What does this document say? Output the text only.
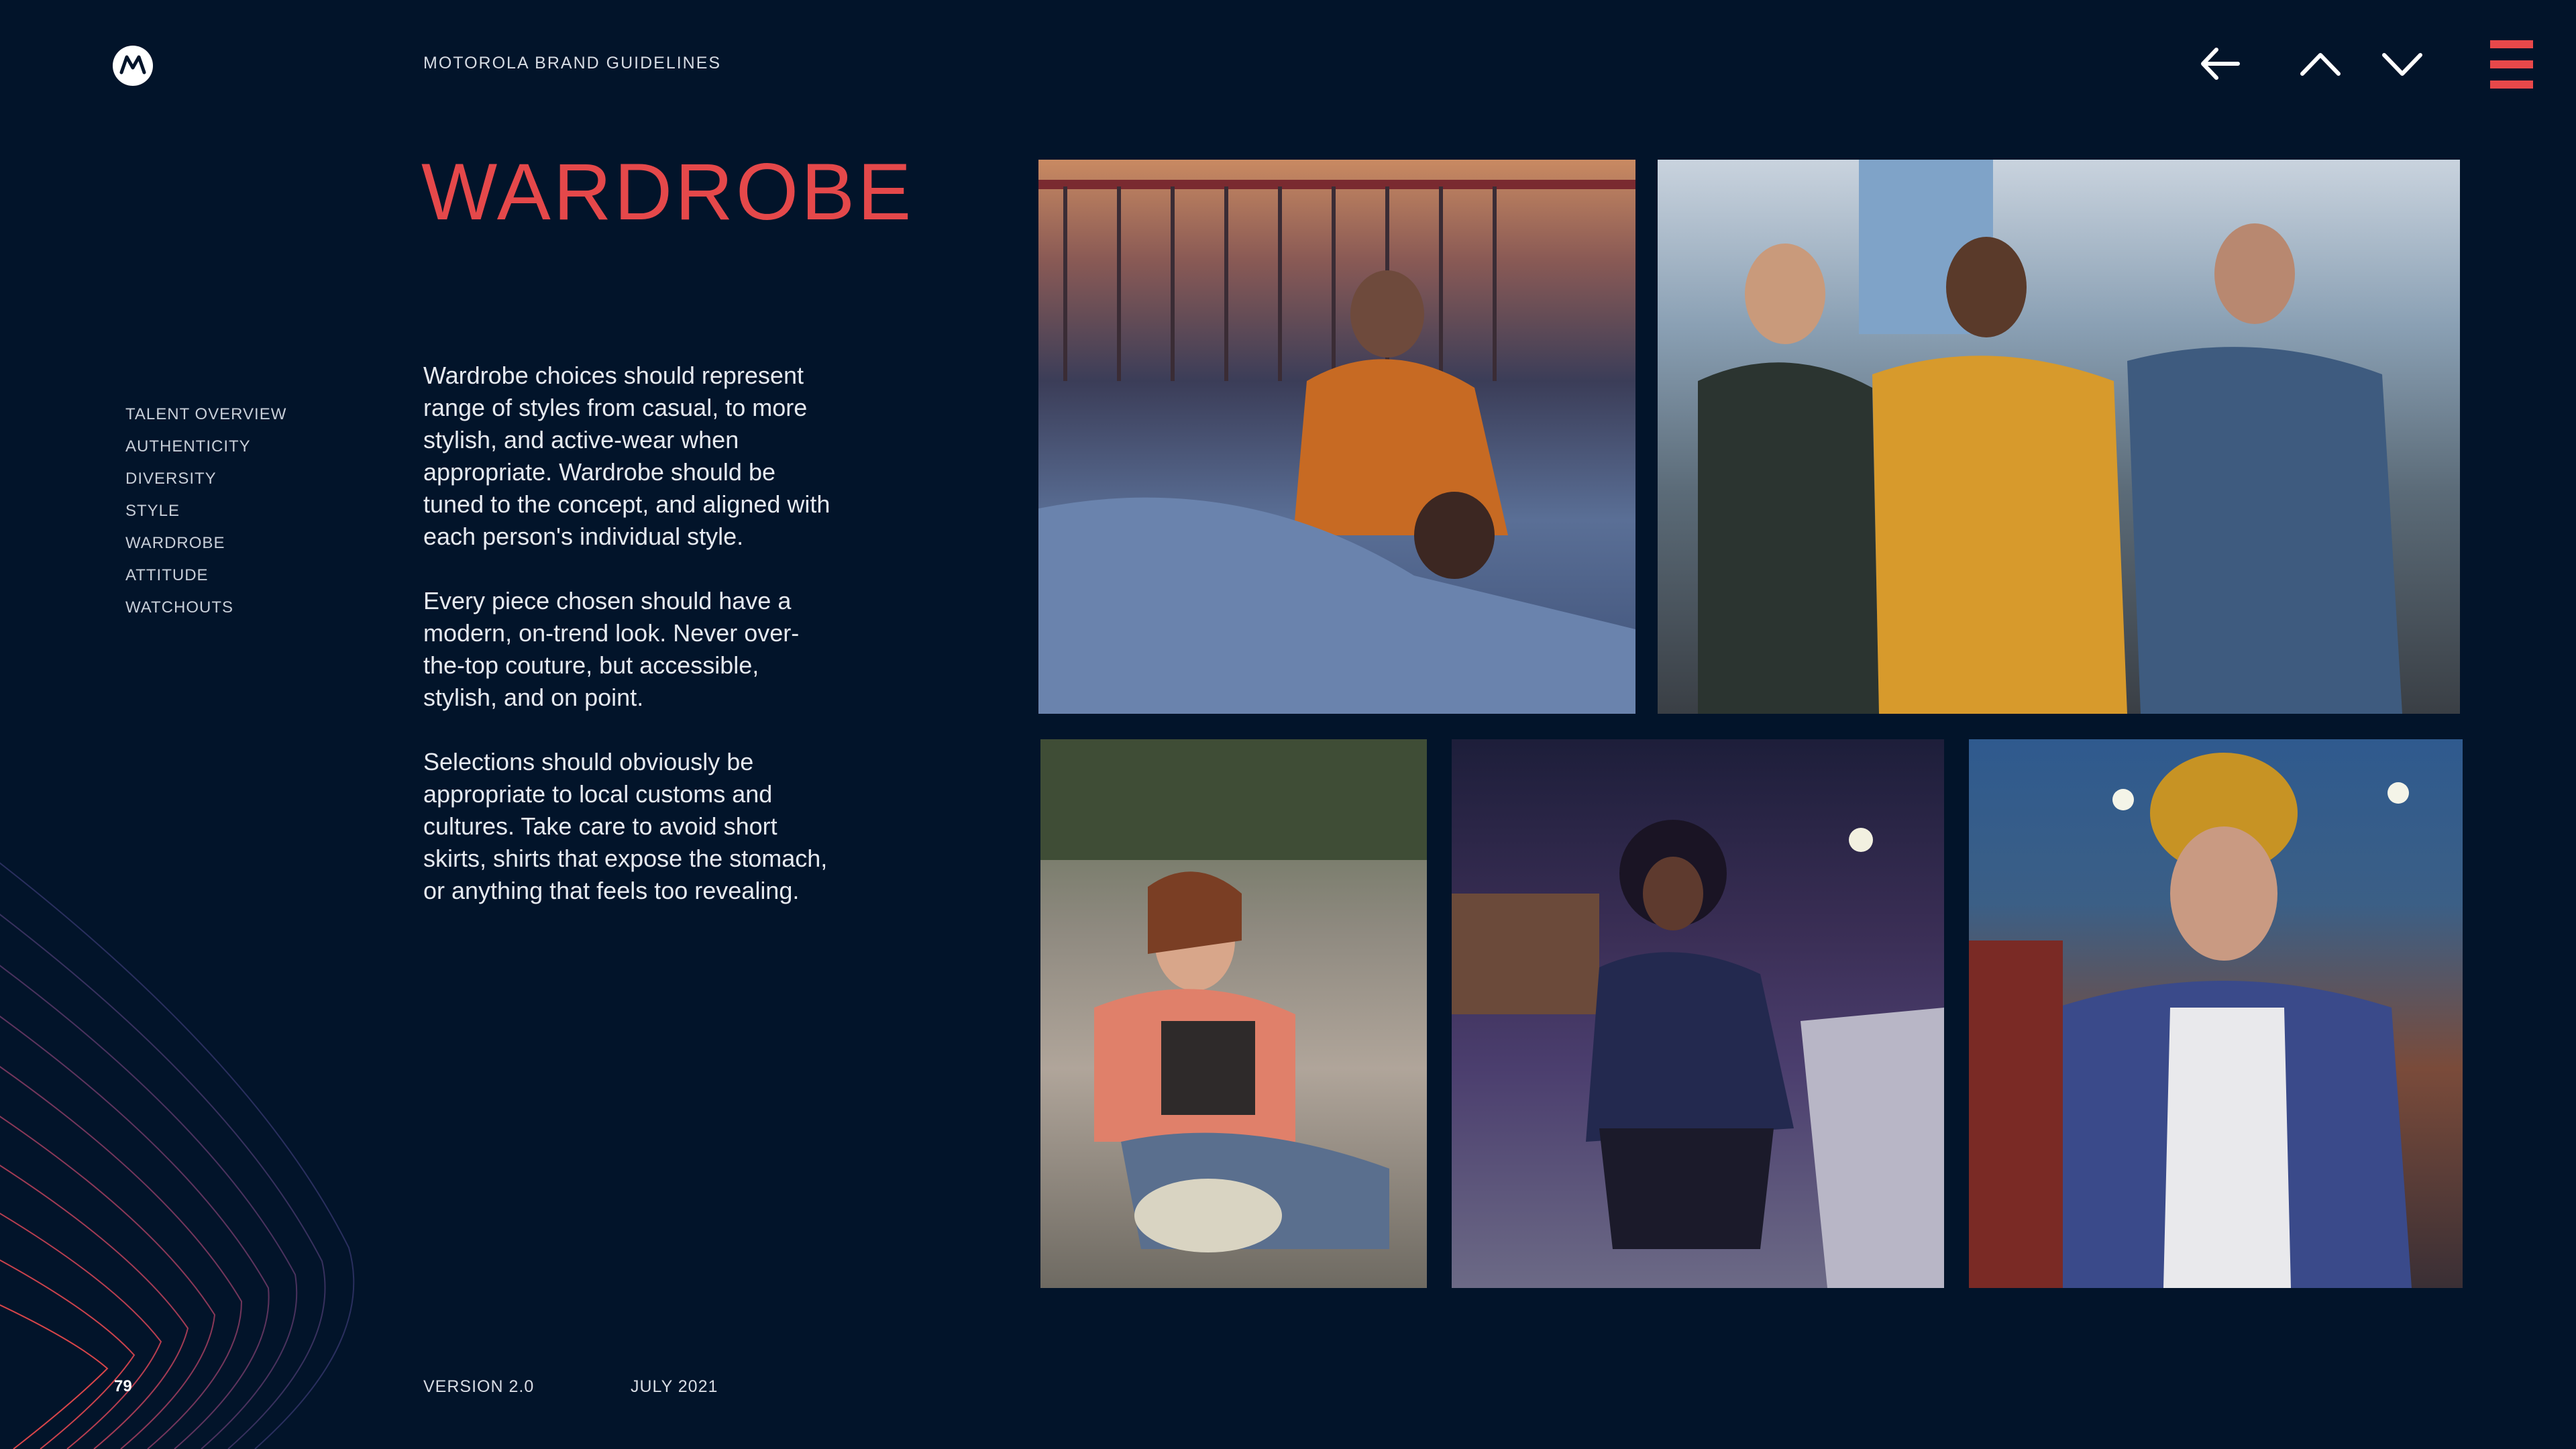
MOTOROLA BRAND GUIDELINES
WARDROBE
TALENT OVERVIEW
AUTHENTICITY
DIVERSITY
STYLE
WARDROBE
ATTITUDE
WATCHOUTS

Wardrobe choices should represent range of styles from casual, to more stylish, and active-wear when appropriate. Wardrobe should be tuned to the concept, and aligned with each person's individual style.

Every piece chosen should have a modern, on-trend look. Never over-the-top couture, but accessible, stylish, and on point.

Selections should obviously be appropriate to local customs and cultures. Take care to avoid short skirts, shirts that expose the stomach, or anything that feels too revealing.

79	VERSION 2.0	JULY 2021
